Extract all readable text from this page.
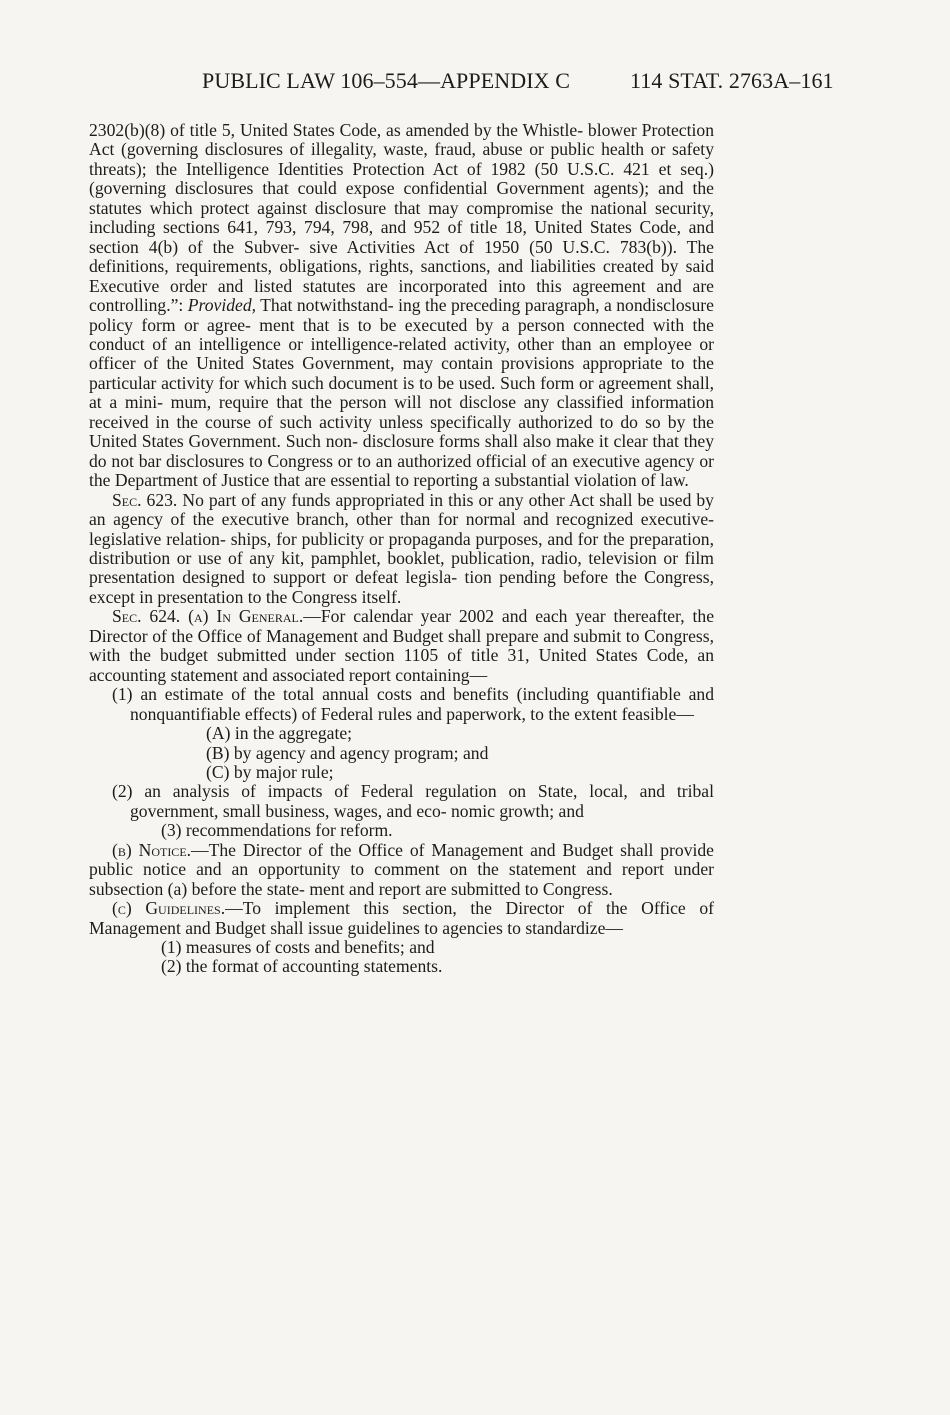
PUBLIC LAW 106–554—APPENDIX C	114 STAT. 2763A–161

2302(b)(8) of title 5, United States Code, as amended by the Whistle- blower Protection Act (governing disclosures of illegality, waste, fraud, abuse or public health or safety threats); the Intelligence Identities Protection Act of 1982 (50 U.S.C. 421 et seq.) (governing disclosures that could expose confidential Government agents); and the statutes which protect against disclosure that may compromise the national security, including sections 641, 793, 794, 798, and 952 of title 18, United States Code, and section 4(b) of the Subver- sive Activities Act of 1950 (50 U.S.C. 783(b)). The definitions, requirements, obligations, rights, sanctions, and liabilities created by said Executive order and listed statutes are incorporated into this agreement and are controlling.”: Provided, That notwithstand- ing the preceding paragraph, a nondisclosure policy form or agree- ment that is to be executed by a person connected with the conduct of an intelligence or intelligence-related activity, other than an employee or officer of the United States Government, may contain provisions appropriate to the particular activity for which such document is to be used. Such form or agreement shall, at a mini- mum, require that the person will not disclose any classified information received in the course of such activity unless specifically authorized to do so by the United States Government. Such non- disclosure forms shall also make it clear that they do not bar disclosures to Congress or to an authorized official of an executive agency or the Department of Justice that are essential to reporting a substantial violation of law.

Sec. 623. No part of any funds appropriated in this or any other Act shall be used by an agency of the executive branch, other than for normal and recognized executive-legislative relation- ships, for publicity or propaganda purposes, and for the preparation, distribution or use of any kit, pamphlet, booklet, publication, radio, television or film presentation designed to support or defeat legisla- tion pending before the Congress, except in presentation to the Congress itself.

Sec. 624. (a) In General.—For calendar year 2002 and each year thereafter, the Director of the Office of Management and Budget shall prepare and submit to Congress, with the budget submitted under section 1105 of title 31, United States Code, an accounting statement and associated report containing—

(1) an estimate of the total annual costs and benefits (including quantifiable and nonquantifiable effects) of Federal rules and paperwork, to the extent feasible—

(A) in the aggregate;

(B) by agency and agency program; and

(C) by major rule;

(2) an analysis of impacts of Federal regulation on State, local, and tribal government, small business, wages, and eco- nomic growth; and

(3) recommendations for reform.

(b) Notice.—The Director of the Office of Management and Budget shall provide public notice and an opportunity to comment on the statement and report under subsection (a) before the state- ment and report are submitted to Congress.

(c) Guidelines.—To implement this section, the Director of the Office of Management and Budget shall issue guidelines to agencies to standardize—

(1) measures of costs and benefits; and

(2) the format of accounting statements.
